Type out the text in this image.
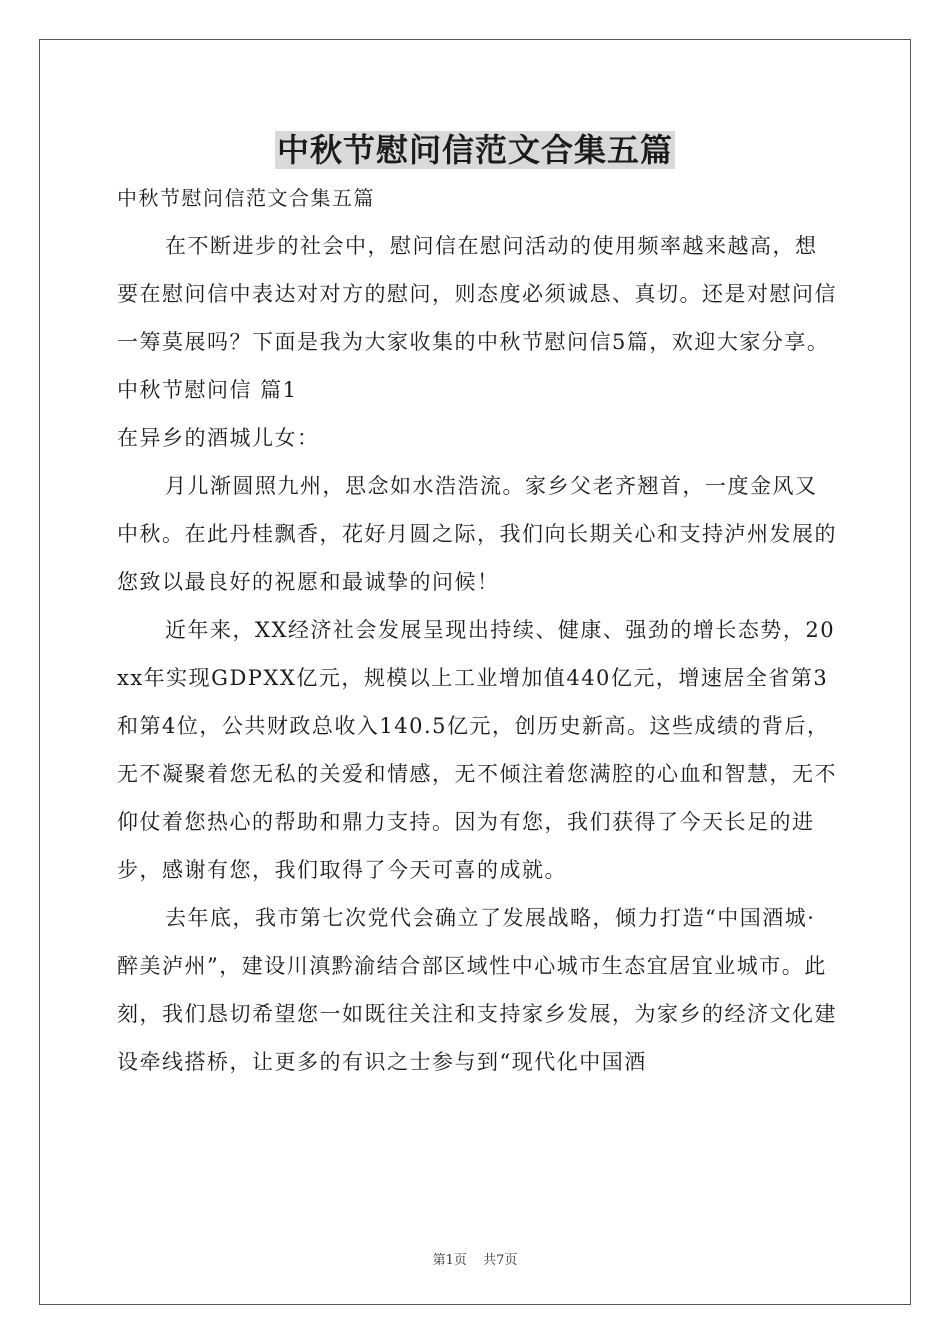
中秋节慰问信范文合集五篇

中秋节慰问信范文合集五篇

在不断进步的社会中，慰问信在慰问活动的使用频率越来越高，想要在慰问信中表达对对方的慰问，则态度必须诚恳、真切。还是对慰问信一筹莫展吗？下面是我为大家收集的中秋节慰问信5篇，欢迎大家分享。

中秋节慰问信 篇1

在异乡的酒城儿女：

月儿渐圆照九州，思念如水浩浩流。家乡父老齐翘首，一度金风又中秋。在此丹桂飘香，花好月圆之际，我们向长期关心和支持泸州发展的您致以最良好的祝愿和最诚挚的问候！

近年来，XX经济社会发展呈现出持续、健康、强劲的增长态势，20xx年实现GDPXX亿元，规模以上工业增加值440亿元，增速居全省第3和第4位，公共财政总收入140.5亿元，创历史新高。这些成绩的背后，无不凝聚着您无私的关爱和情感，无不倾注着您满腔的心血和智慧，无不仰仗着您热心的帮助和鼎力支持。因为有您，我们获得了今天长足的进步，感谢有您，我们取得了今天可喜的成就。

去年底，我市第七次党代会确立了发展战略，倾力打造“中国酒城·醉美泸州”，建设川滇黔渝结合部区域性中心城市生态宜居宜业城市。此刻，我们恳切希望您一如既往关注和支持家乡发展，为家乡的经济文化建设牵线搭桥，让更多的有识之士参与到“现代化中国酒

第1页 共7页
